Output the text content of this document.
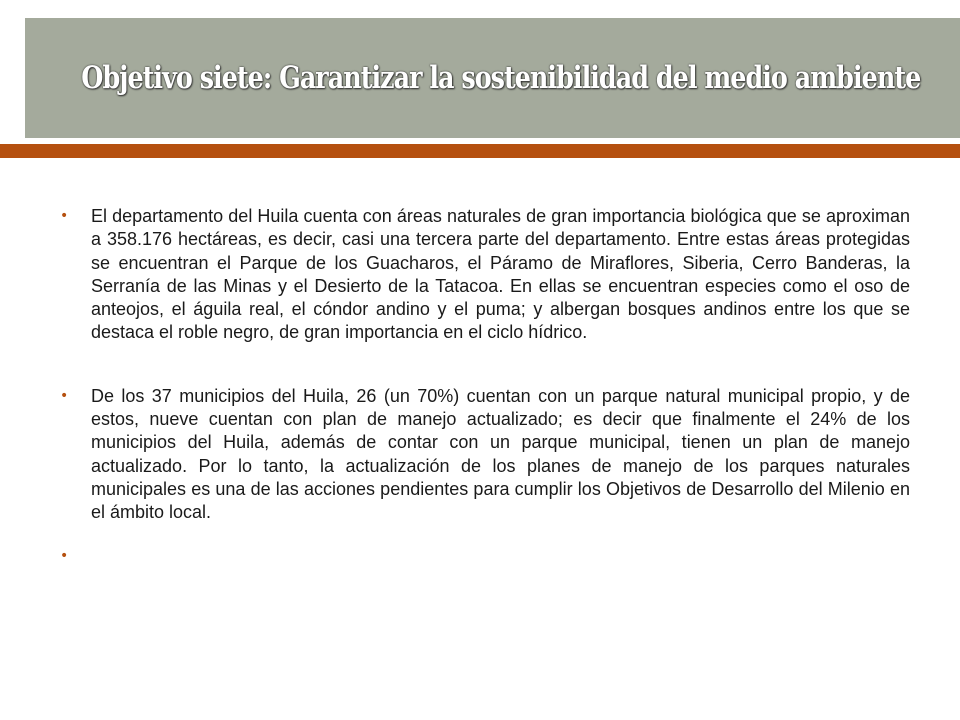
Objetivo siete: Garantizar la sostenibilidad del medio ambiente
• El departamento del Huila cuenta con áreas naturales de gran importancia biológica que se aproximan a 358.176 hectáreas, es decir, casi una tercera parte del departamento. Entre estas áreas protegidas se encuentran el Parque de los Guacharos, el Páramo de Miraflores, Siberia, Cerro Banderas, la Serranía de las Minas y el Desierto de la Tatacoa. En ellas se encuentran especies como el oso de anteojos, el águila real, el cóndor andino y el puma; y albergan bosques andinos entre los que se destaca el roble negro, de gran importancia en el ciclo hídrico.
• De los 37 municipios del Huila, 26 (un 70%) cuentan con un parque natural municipal propio, y de estos, nueve cuentan con plan de manejo actualizado; es decir que finalmente el 24% de los municipios del Huila, además de contar con un parque municipal, tienen un plan de manejo actualizado. Por lo tanto, la actualización de los planes de manejo de los parques naturales municipales es una de las acciones pendientes para cumplir los Objetivos de Desarrollo del Milenio en el ámbito local.
•
